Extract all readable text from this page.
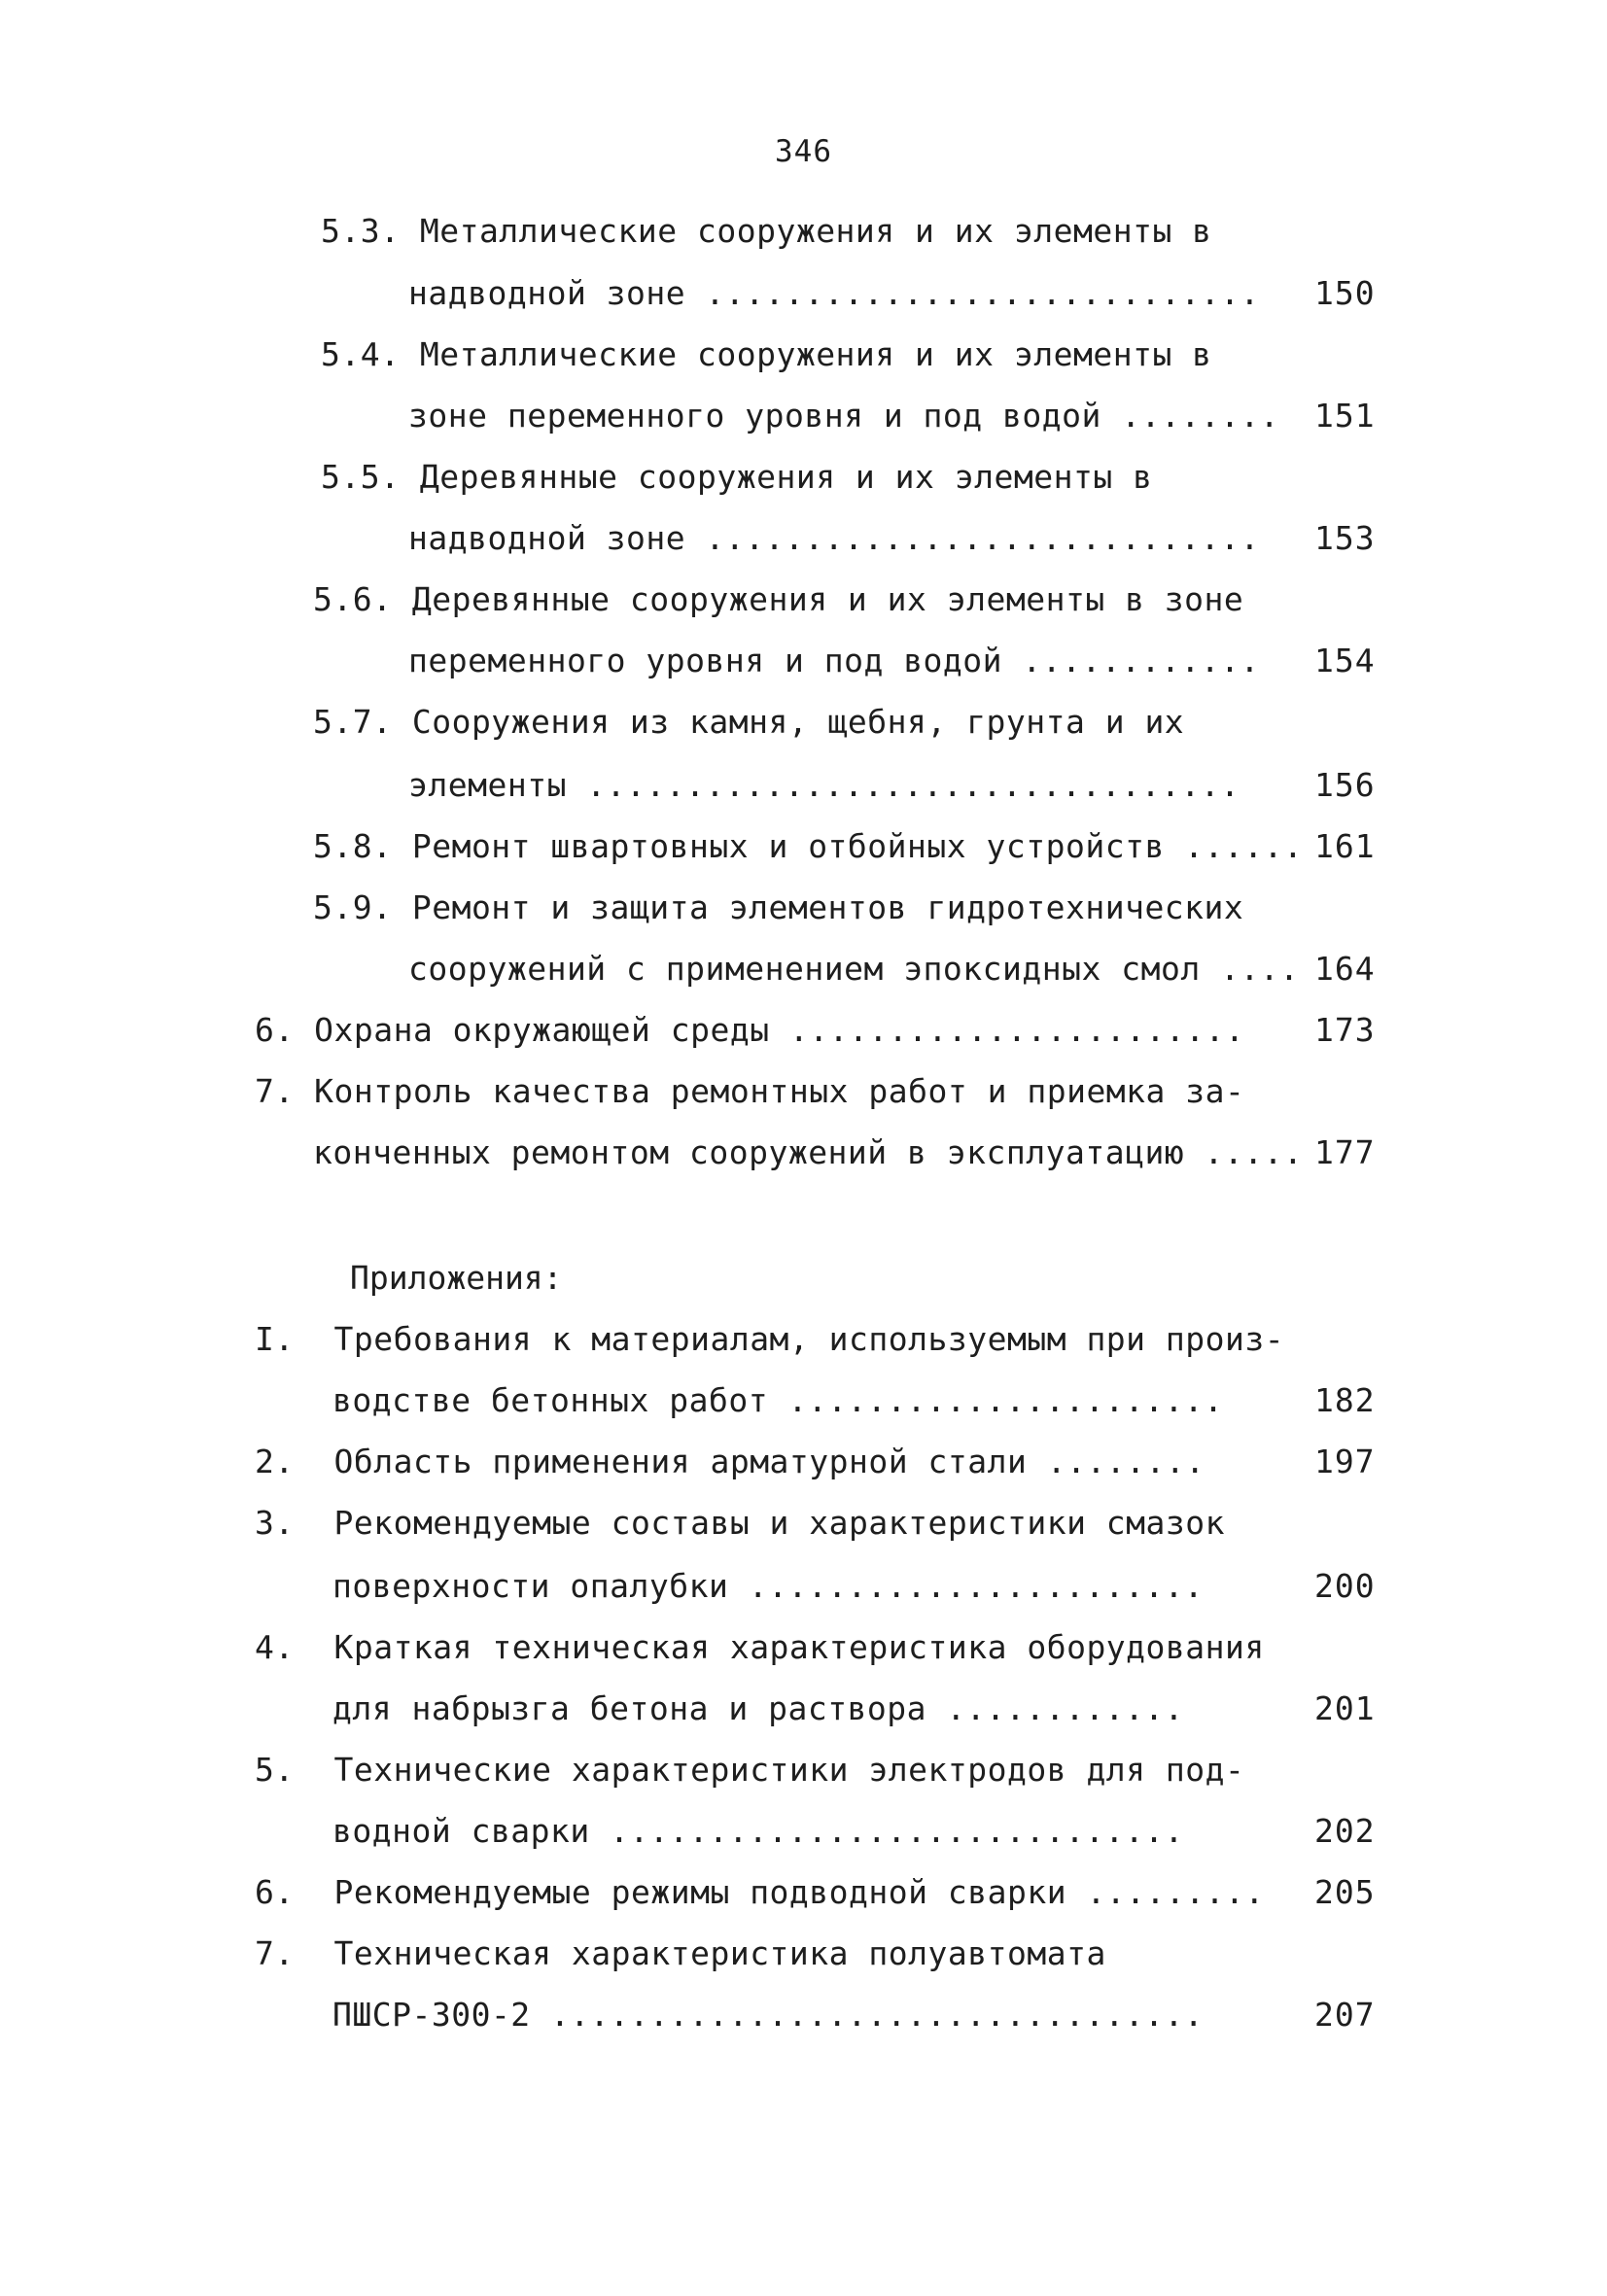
346
5.3. Металлические сооружения и их элементы в
надводной зоне ............................ 150
5.4. Металлические сооружения и их элементы в
зоне переменного уровня и под водой ........ 151
5.5. Деревянные сооружения и их элементы в
надводной зоне ............................ 153
5.6. Деревянные сооружения и их элементы в зоне
переменного уровня и под водой ............ 154
5.7. Сооружения из камня, щебня, грунта и их
элементы ................................. 156
5.8. Ремонт швартовных и отбойных устройств ...... 161
5.9. Ремонт и защита элементов гидротехнических
сооружений с применением эпоксидных смол .... 164
6. Охрана окружающей среды ....................... 173
7. Контроль качества ремонтных работ и приемка за-
конченных ремонтом сооружений в эксплуатацию ..... 177
Приложения:
I.  Требования к материалам, используемым при произ-
водстве бетонных работ ......................	182
2.  Область применения арматурной стали ........	197
3.  Рекомендуемые составы и характеристики смазок
поверхности опалубки .......................	200
4.  Краткая техническая характеристика оборудования
для набрызга бетона и раствора ............	201
5.  Технические характеристики электродов для под-
водной сварки .............................	202
6.  Рекомендуемые режимы подводной сварки ......... 205
7.  Техническая характеристика полуавтомата
ПШСР-300-2 .................................	207
